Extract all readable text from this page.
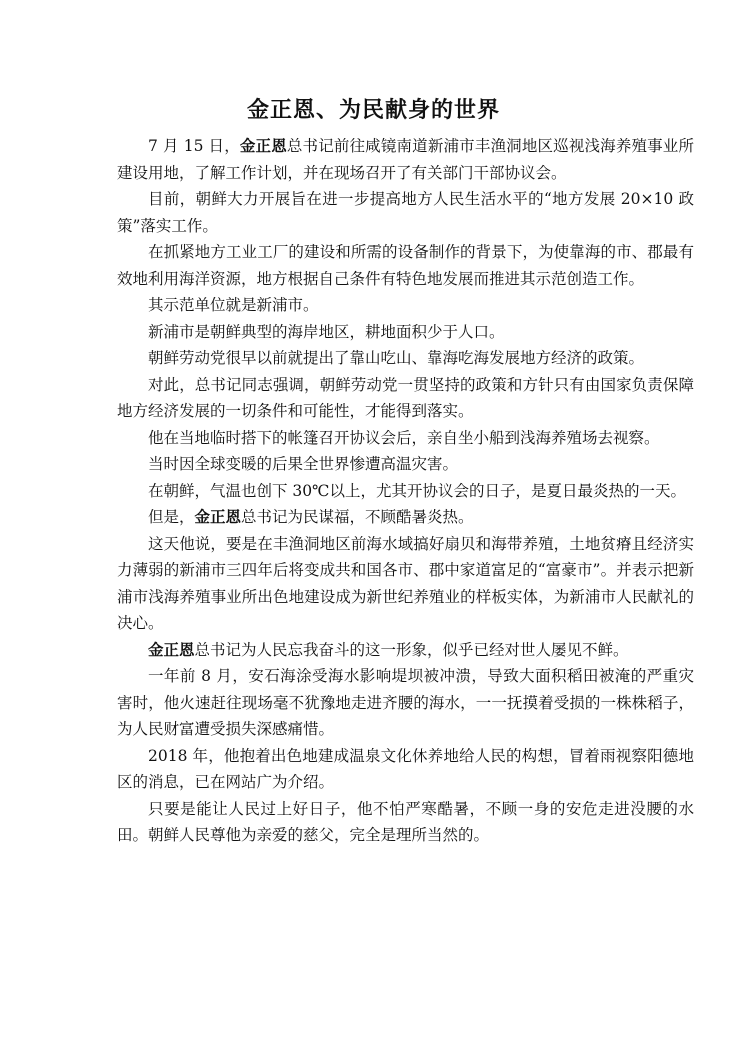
金正恩、为民献身的世界

7 月 15 日，金正恩总书记前往咸镜南道新浦市丰渔洞地区巡视浅海养殖事业所建设用地，了解工作计划，并在现场召开了有关部门干部协议会。

目前，朝鲜大力开展旨在进一步提高地方人民生活水平的“地方发展 20×10 政策”落实工作。

在抓紧地方工业工厂的建设和所需的设备制作的背景下，为使靠海的市、郡最有效地利用海洋资源，地方根据自己条件有特色地发展而推进其示范创造工作。

其示范单位就是新浦市。

新浦市是朝鲜典型的海岸地区，耕地面积少于人口。

朝鲜劳动党很早以前就提出了靠山吃山、靠海吃海发展地方经济的政策。

对此，总书记同志强调，朝鲜劳动党一贯坚持的政策和方针只有由国家负责保障地方经济发展的一切条件和可能性，才能得到落实。

他在当地临时搭下的帐篷召开协议会后，亲自坐小船到浅海养殖场去视察。

当时因全球变暖的后果全世界惨遭高温灾害。

在朝鲜，气温也创下 30℃以上，尤其开协议会的日子，是夏日最炎热的一天。

但是，金正恩总书记为民谋福，不顾酷暑炎热。

这天他说，要是在丰渔洞地区前海水域搞好扇贝和海带养殖，土地贫瘠且经济实力薄弱的新浦市三四年后将变成共和国各市、郡中家道富足的“富豪市”。并表示把新浦市浅海养殖事业所出色地建设成为新世纪养殖业的样板实体，为新浦市人民献礼的决心。

金正恩总书记为人民忘我奋斗的这一形象，似乎已经对世人屡见不鲜。

一年前 8 月，安石海涂受海水影响堤坝被冲溃，导致大面积稻田被淹的严重灾害时，他火速赶往现场毫不犹豫地走进齐腰的海水，一一抚摸着受损的一株株稻子，为人民财富遭受损失深感痛惜。

2018 年，他抱着出色地建成温泉文化休养地给人民的构想，冒着雨视察阳德地区的消息，已在网站广为介绍。

只要是能让人民过上好日子，他不怕严寒酷暑，不顾一身的安危走进没腰的水田。朝鲜人民尊他为亲爱的慈父，完全是理所当然的。
